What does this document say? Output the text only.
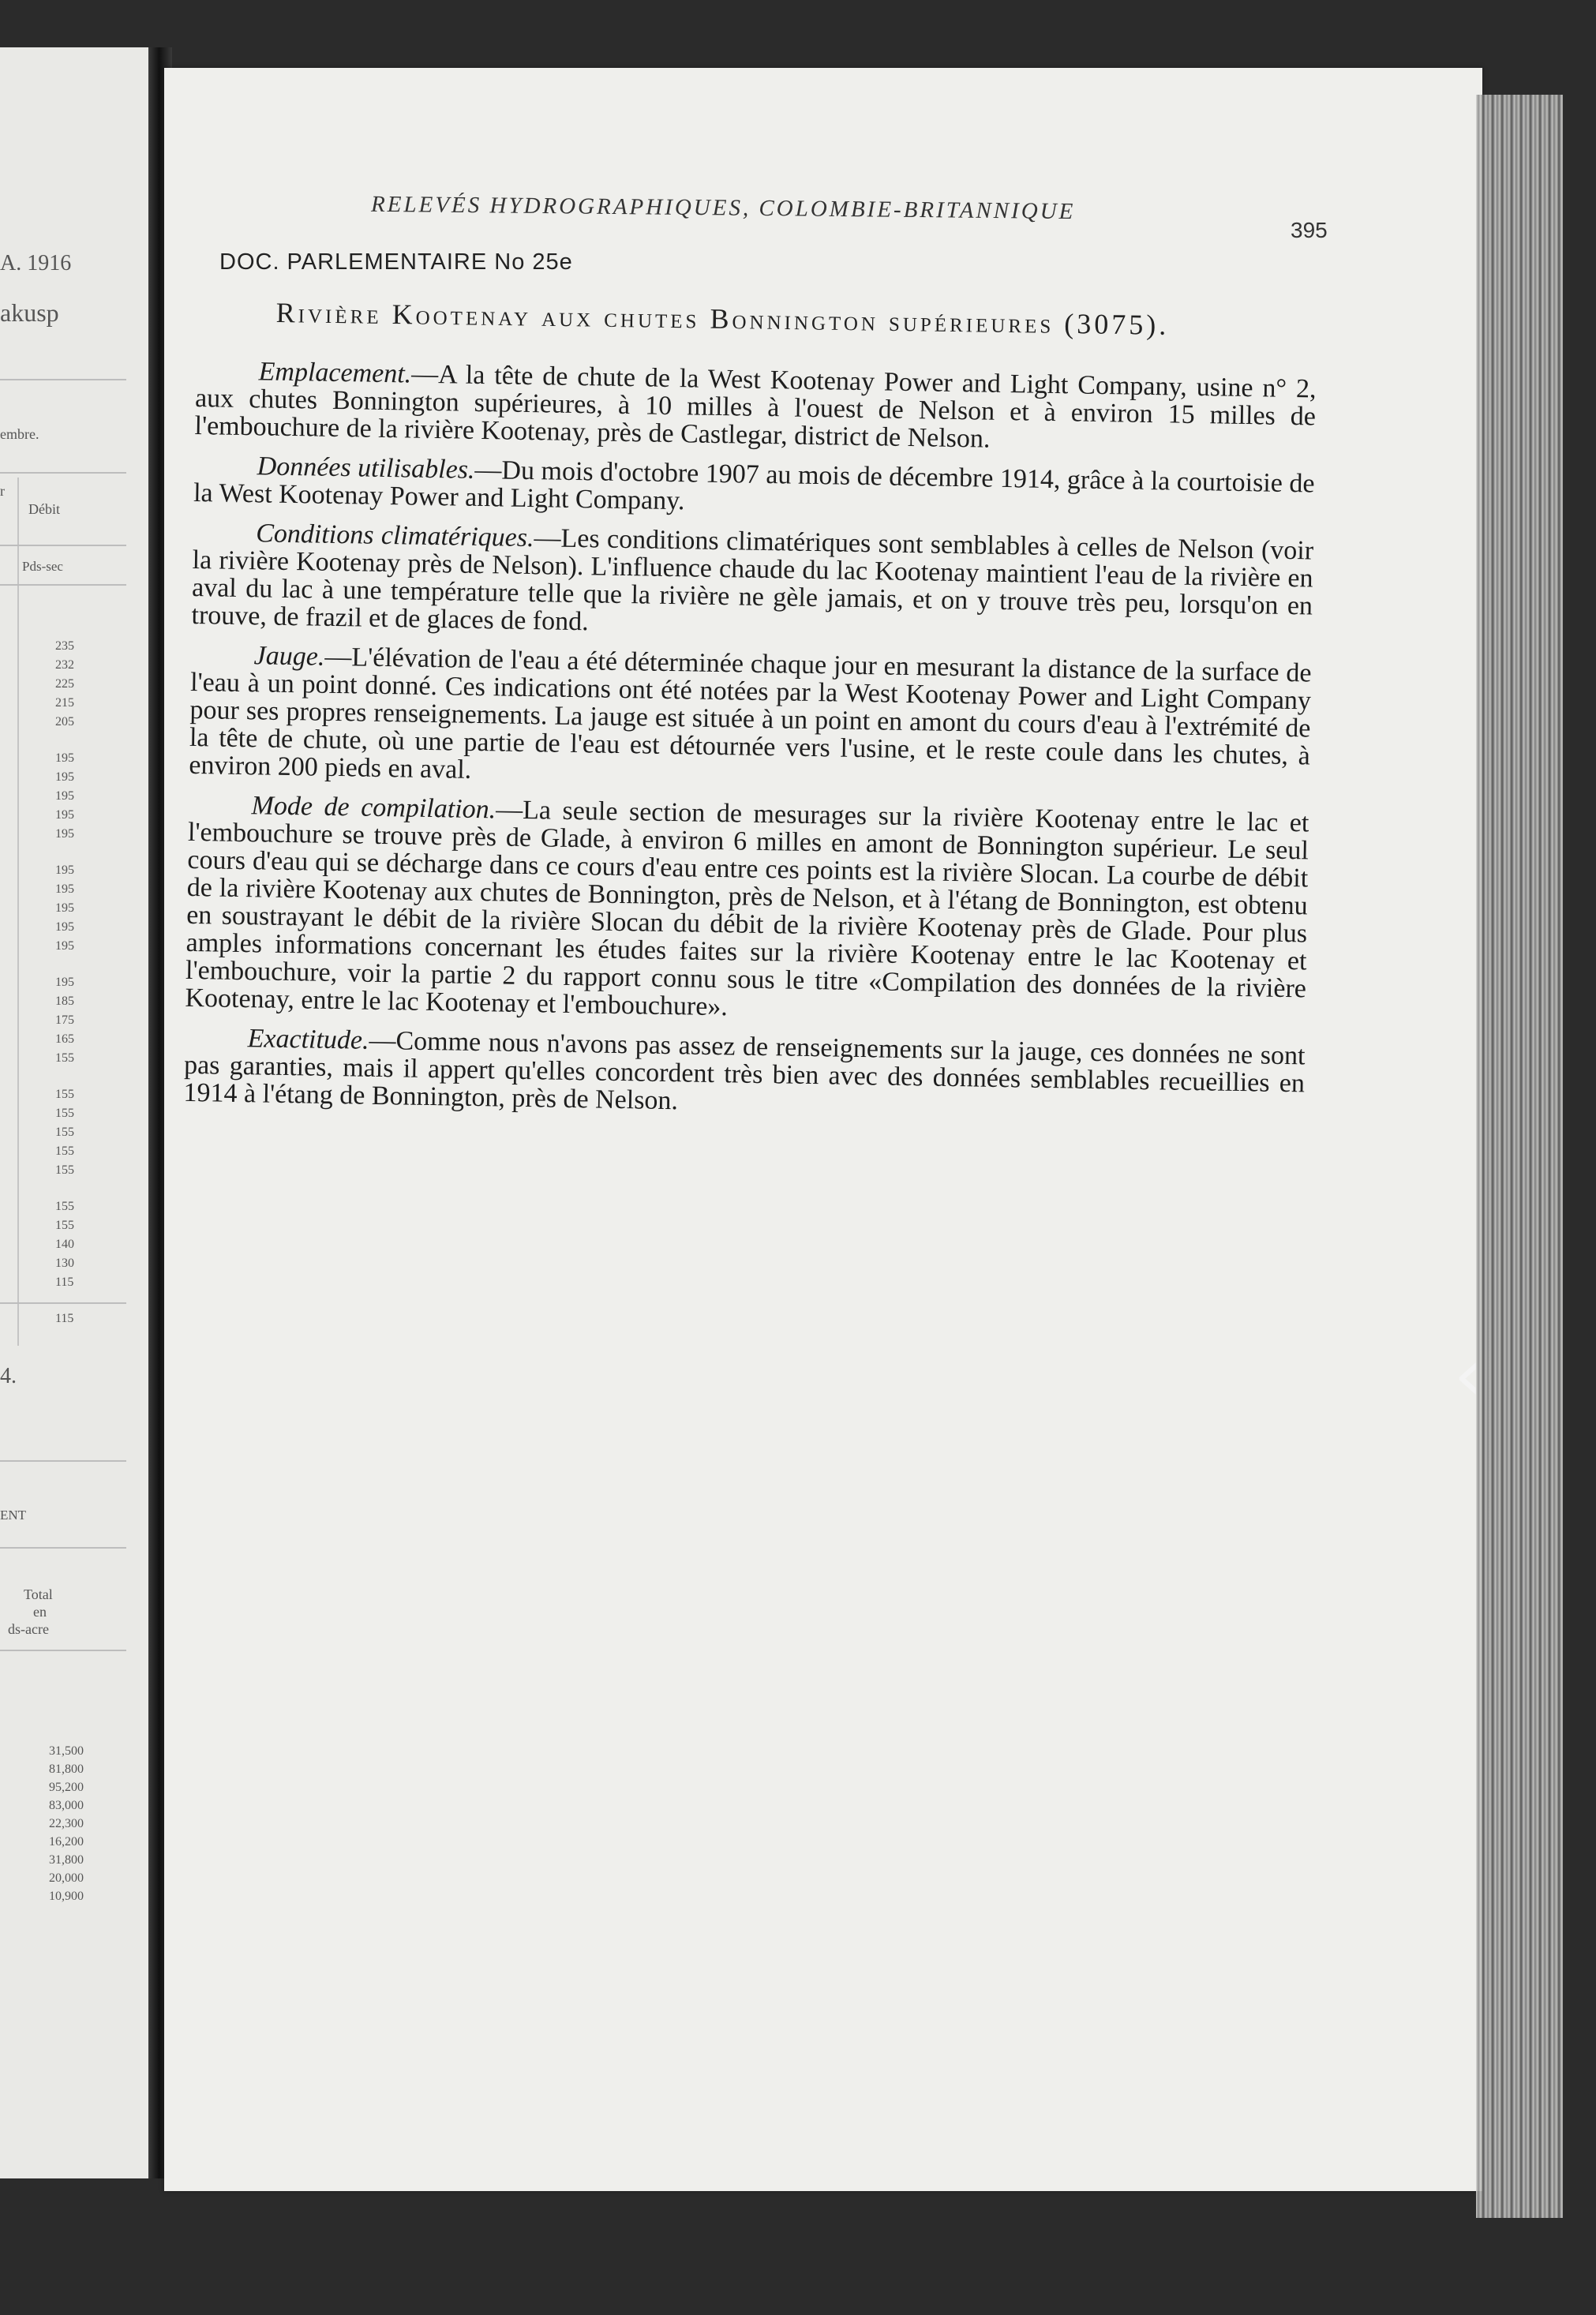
A. 1916
akusp
embre.
r
Débit
Pds-sec
235
232
225
215
205
195
195
195
195
195
195
195
195
195
195
195
185
175
165
155
155
155
155
155
155
155
155
140
130
115
115
4.
ENT
Total
en
ds-acre
31,500
81,800
95,200
83,000
22,300
16,200
31,800
20,000
10,900
RELEVÉS HYDROGRAPHIQUES, COLOMBIE-BRITANNIQUE
395
DOC. PARLEMENTAIRE No 25e
Rivière Kootenay aux chutes Bonnington supérieures (3075).

Emplacement.—A la tête de chute de la West Kootenay Power and Light Company, usine n° 2, aux chutes Bonnington supérieures, à 10 milles à l'ouest de Nelson et à environ 15 milles de l'embouchure de la rivière Kootenay, près de Castlegar, district de Nelson.

Données utilisables.—Du mois d'octobre 1907 au mois de décembre 1914, grâce à la courtoisie de la West Kootenay Power and Light Company.

Conditions climatériques.—Les conditions climatériques sont semblables à celles de Nelson (voir la rivière Kootenay près de Nelson). L'influence chaude du lac Kootenay maintient l'eau de la rivière en aval du lac à une température telle que la rivière ne gèle jamais, et on y trouve très peu, lorsqu'on en trouve, de frazil et de glaces de fond.

Jauge.—L'élévation de l'eau a été déterminée chaque jour en mesurant la distance de la surface de l'eau à un point donné. Ces indications ont été notées par la West Kootenay Power and Light Company pour ses propres renseignements. La jauge est située à un point en amont du cours d'eau à l'extrémité de la tête de chute, où une partie de l'eau est détournée vers l'usine, et le reste coule dans les chutes, à environ 200 pieds en aval.

Mode de compilation.—La seule section de mesurages sur la rivière Kootenay entre le lac et l'embouchure se trouve près de Glade, à environ 6 milles en amont de Bonnington supérieur. Le seul cours d'eau qui se décharge dans ce cours d'eau entre ces points est la rivière Slocan. La courbe de débit de la rivière Kootenay aux chutes de Bonnington, près de Nelson, et à l'étang de Bonnington, est obtenu en soustrayant le débit de la rivière Slocan du débit de la rivière Kootenay près de Glade. Pour plus amples informations concernant les études faites sur la rivière Kootenay entre le lac Kootenay et l'embouchure, voir la partie 2 du rapport connu sous le titre «Compilation des données de la rivière Kootenay, entre le lac Kootenay et l'embouchure».

Exactitude.—Comme nous n'avons pas assez de renseignements sur la jauge, ces données ne sont pas garanties, mais il appert qu'elles concordent très bien avec des données semblables recueillies en 1914 à l'étang de Bonnington, près de Nelson.

‹
